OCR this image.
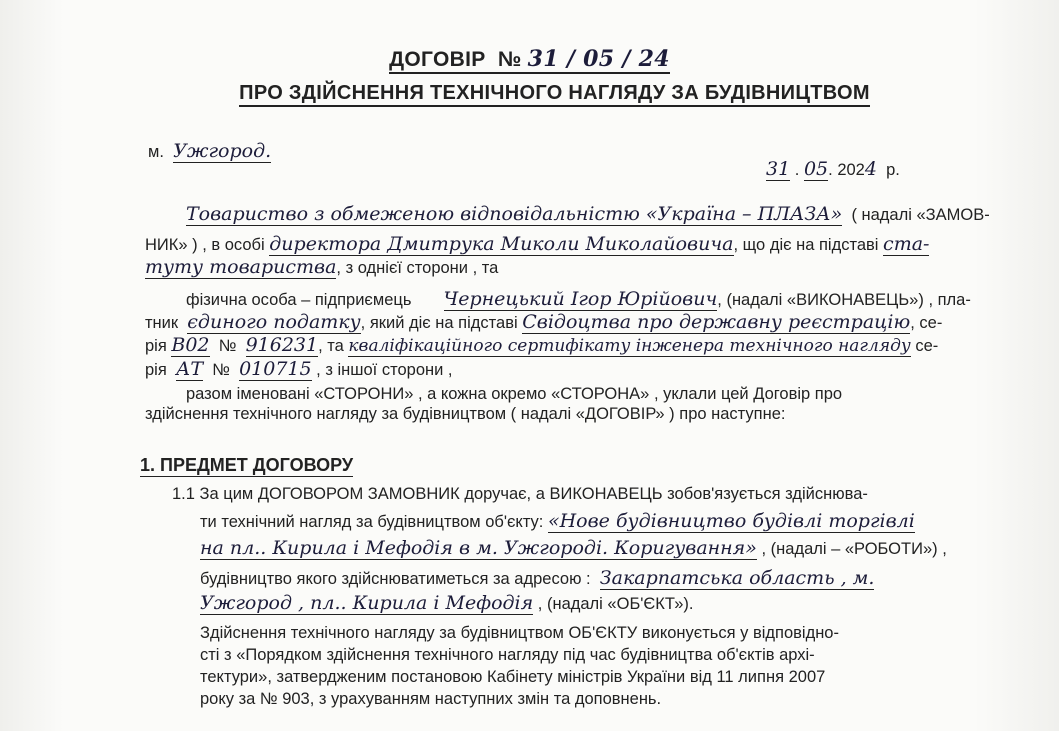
ДОГОВІР № 31 / 05 / 24
ПРО ЗДІЙСНЕННЯ ТЕХНІЧНОГО НАГЛЯДУ ЗА БУДІВНИЦТВОМ
м. Ужгород.
31 . 05. 2024 р.
Товариство з обмеженою відповідальністю «Україна – ПЛАЗА» ( надалі «ЗАМОВ-
НИК» ) , в особі директора Дмитрука Миколи Миколайовича, що діє на підставі ста-
туту товариства, з однієї сторони , та
фізична особа – підприємець Чернецький Ігор Юрійович, (надалі «ВИКОНАВЕЦЬ») , пла-
тник єдиного податку, який діє на підставі Свідоцтва про державну реєстрацію, се-
рія В02 № 916231, та кваліфікаційного сертифікату інженера технічного нагляду се-
рія АТ № 010715 , з іншої сторони ,
разом іменовані «СТОРОНИ» , а кожна окремо «СТОРОНА» , уклали цей Договір про
здійснення технічного нагляду за будівництвом ( надалі «ДОГОВІР» ) про наступне:
1. ПРЕДМЕТ ДОГОВОРУ
1.1 За цим ДОГОВОРОМ ЗАМОВНИК доручає, а ВИКОНАВЕЦЬ зобов'язується здійснюва-
ти технічний нагляд за будівництвом об'єкту: «Нове будівництво будівлі торгівлі
на пл.. Кирила і Мефодія в м. Ужгороді. Коригування» , (надалі – «РОБОТИ») ,
будівництво якого здійснюватиметься за адресою : Закарпатська область , м.
Ужгород , пл.. Кирила і Мефодія , (надалі «ОБ'ЄКТ»).
Здійснення технічного нагляду за будівництвом ОБ'ЄКТУ виконується у відповідно-
сті з «Порядком здійснення технічного нагляду під час будівництва об'єктів архі-
тектури», затвердженим постановою Кабінету міністрів України від 11 липня 2007
року за № 903, з урахуванням наступних змін та доповнень.
